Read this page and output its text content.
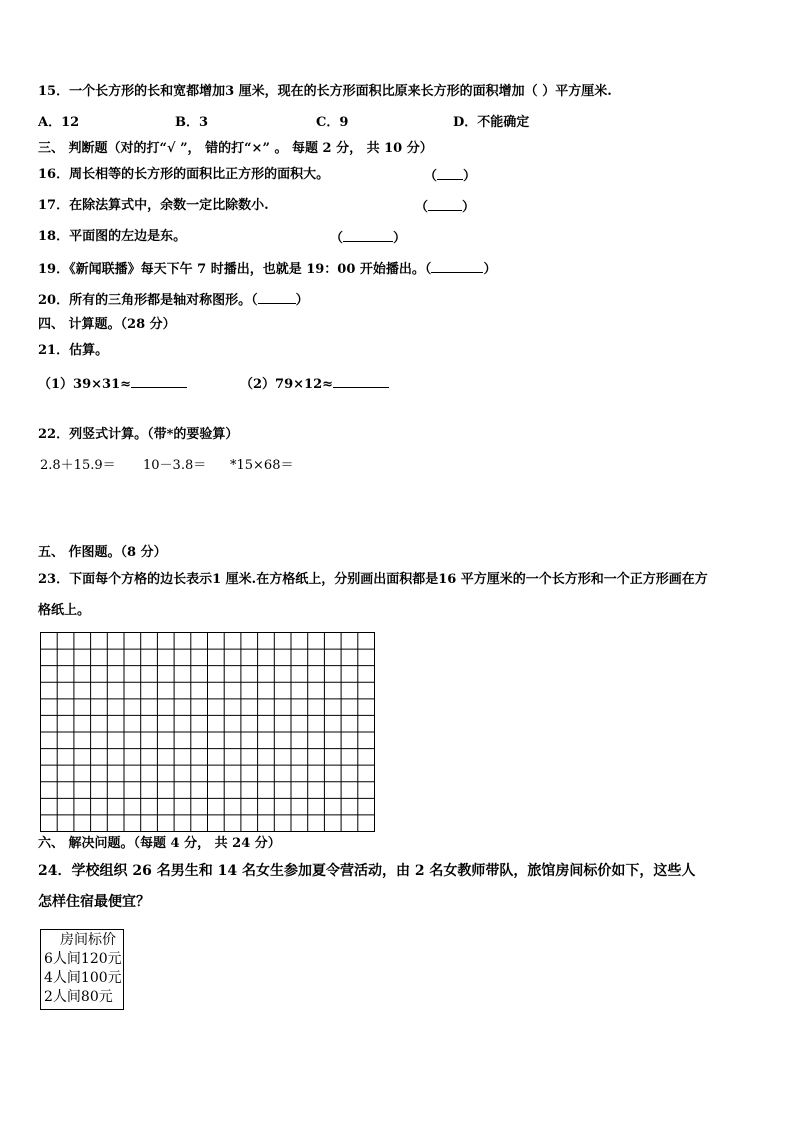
15．一个长方形的长和宽都增加3 厘米，现在的长方形面积比原来长方形的面积增加（ ）平方厘米.
A．12	B．3	C．9	D．不能确定
三、 判断题（对的打“√ ”， 错的打“×” 。 每题 2 分， 共 10 分）
16．周长相等的长方形的面积比正方形的面积大。	（ ）
17．在除法算式中，余数一定比除数小.	（	）
18．平面图的左边是东。	（	）
19．《新闻联播》每天下午 7 时播出，也就是 19：00 开始播出。（	）
20．所有的三角形都是轴对称图形。（	）
四、 计算题。（28 分）
21．估算。
（1）39×31≈	（2）79×12≈
22．列竖式计算。（带*的要验算）
2.8＋15.9＝ 10－3.8＝ *15×68＝
五、 作图题。（8 分）
23．下面每个方格的边长表示1 厘米.在方格纸上，分别画出面积都是16 平方厘米的一个长方形和一个正方形画在方
格纸上。
六、 解决问题。（每题 4 分， 共 24 分）
24．学校组织 26 名男生和 14 名女生参加夏令营活动，由 2 名女教师带队，旅馆房间标价如下，这些人
怎样住宿最便宜？
房间标价
6人间120元
4人间100元
2人间80元
